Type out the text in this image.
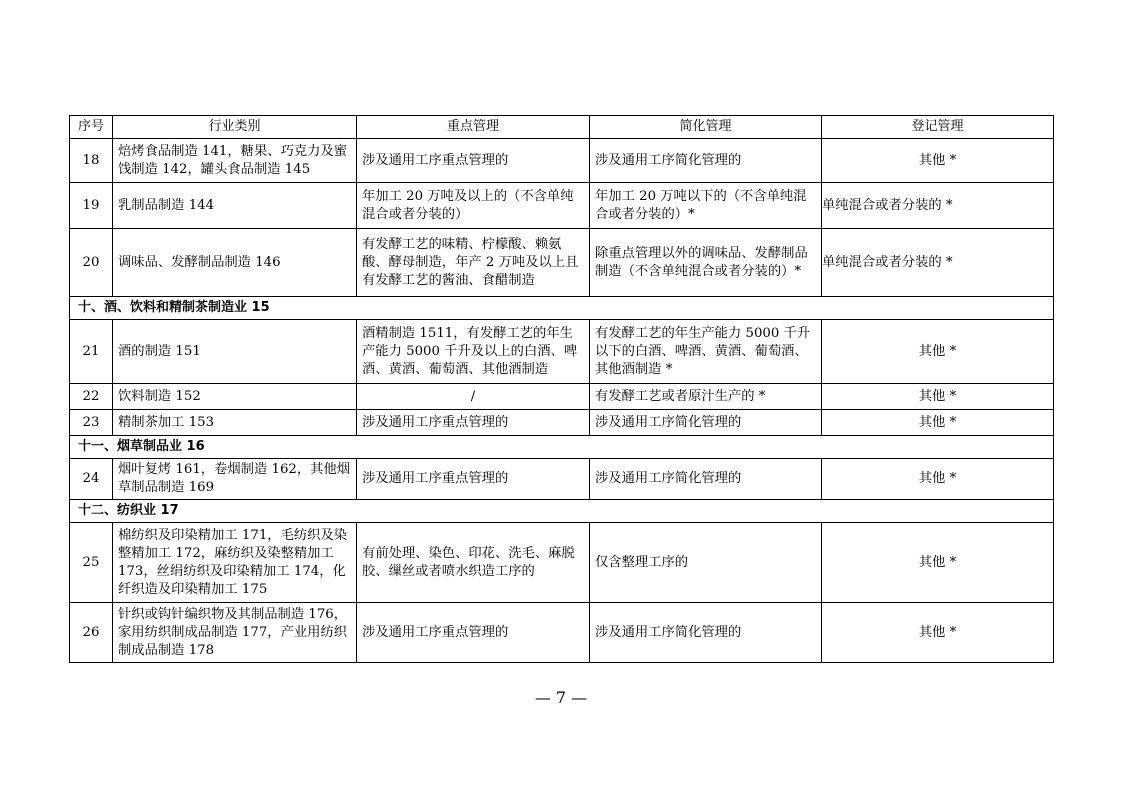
序号	行业类别	重点管理	简化管理	登记管理
18	焙烤食品制造 141，糖果、巧克力及蜜饯制造 142，罐头食品制造 145	涉及通用工序重点管理的	涉及通用工序简化管理的	其他 *
19	乳制品制造 144	年加工 20 万吨及以上的（不含单纯混合或者分装的）	年加工 20 万吨以下的（不含单纯混合或者分装的）*	单纯混合或者分装的 *
20	调味品、发酵制品制造 146	有发酵工艺的味精、柠檬酸、赖氨酸、酵母制造，年产 2 万吨及以上且有发酵工艺的酱油、食醋制造	除重点管理以外的调味品、发酵制品制造（不含单纯混合或者分装的）*	单纯混合或者分装的 *
十、酒、饮料和精制茶制造业 15				
21	酒的制造 151	酒精制造 1511，有发酵工艺的年生产能力 5000 千升及以上的白酒、啤酒、黄酒、葡萄酒、其他酒制造	有发酵工艺的年生产能力 5000 千升以下的白酒、啤酒、黄酒、葡萄酒、其他酒制造 *	其他 *
22	饮料制造 152	/	有发酵工艺或者原汁生产的 *	其他 *
23	精制茶加工 153	涉及通用工序重点管理的	涉及通用工序简化管理的	其他 *
十一、烟草制品业 16				
24	烟叶复烤 161，卷烟制造 162，其他烟草制品制造 169	涉及通用工序重点管理的	涉及通用工序简化管理的	其他 *
十二、纺织业 17				
25	棉纺织及印染精加工 171，毛纺织及染整精加工 172，麻纺织及染整精加工 173，丝绢纺织及印染精加工 174，化纤织造及印染精加工 175	有前处理、染色、印花、洗毛、麻脱胶、缫丝或者喷水织造工序的	仅含整理工序的	其他 *
26	针织或钩针编织物及其制品制造 176，家用纺织制成品制造 177，产业用纺织制成品制造 178	涉及通用工序重点管理的	涉及通用工序简化管理的	其他 *
— 7 —
